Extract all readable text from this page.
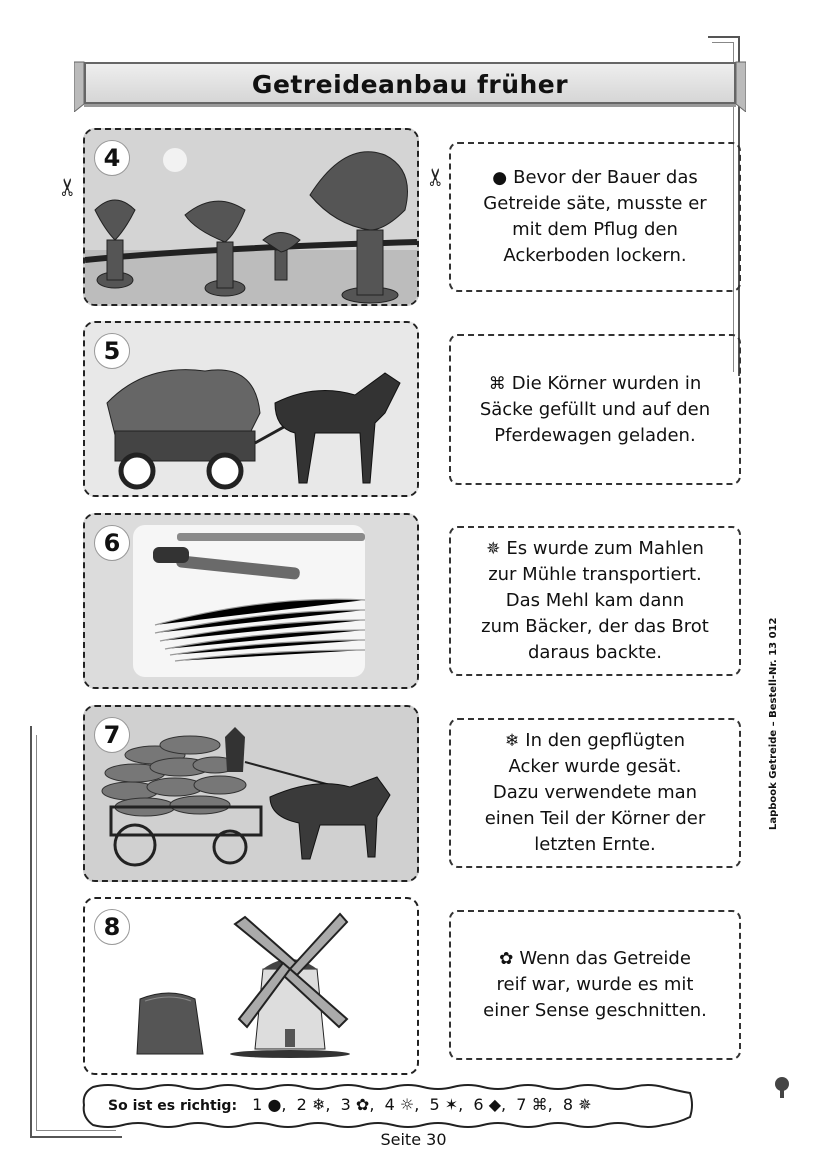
Getreideanbau früher
✂	✂
4
● Bevor der Bauer das
Getreide säte, musste er
mit dem Pflug den
Ackerboden lockern.
5
⌘ Die Körner wurden in
Säcke gefüllt und auf den
Pferdewagen geladen.
6	✵ Es wurde zum Mahlen
zur Mühle transportiert.
Das Mehl kam dann
zum Bäcker, der das Brot
daraus backte.
7	❄ In den gepflügten
Acker wurde gesät.
Dazu verwendete man
einen Teil der Körner der
letzten Ernte.
8
✿ Wenn das Getreide
reif war, wurde es mit
einer Sense geschnitten.
So ist es richtig: 1 ●,  2 ❄,  3 ✿,  4 ☼,  5 ✶,  6 ◆,  7 ⌘,  8 ✵
Seite 30
Lapbook Getreide – Bestell-Nr. 13 012
